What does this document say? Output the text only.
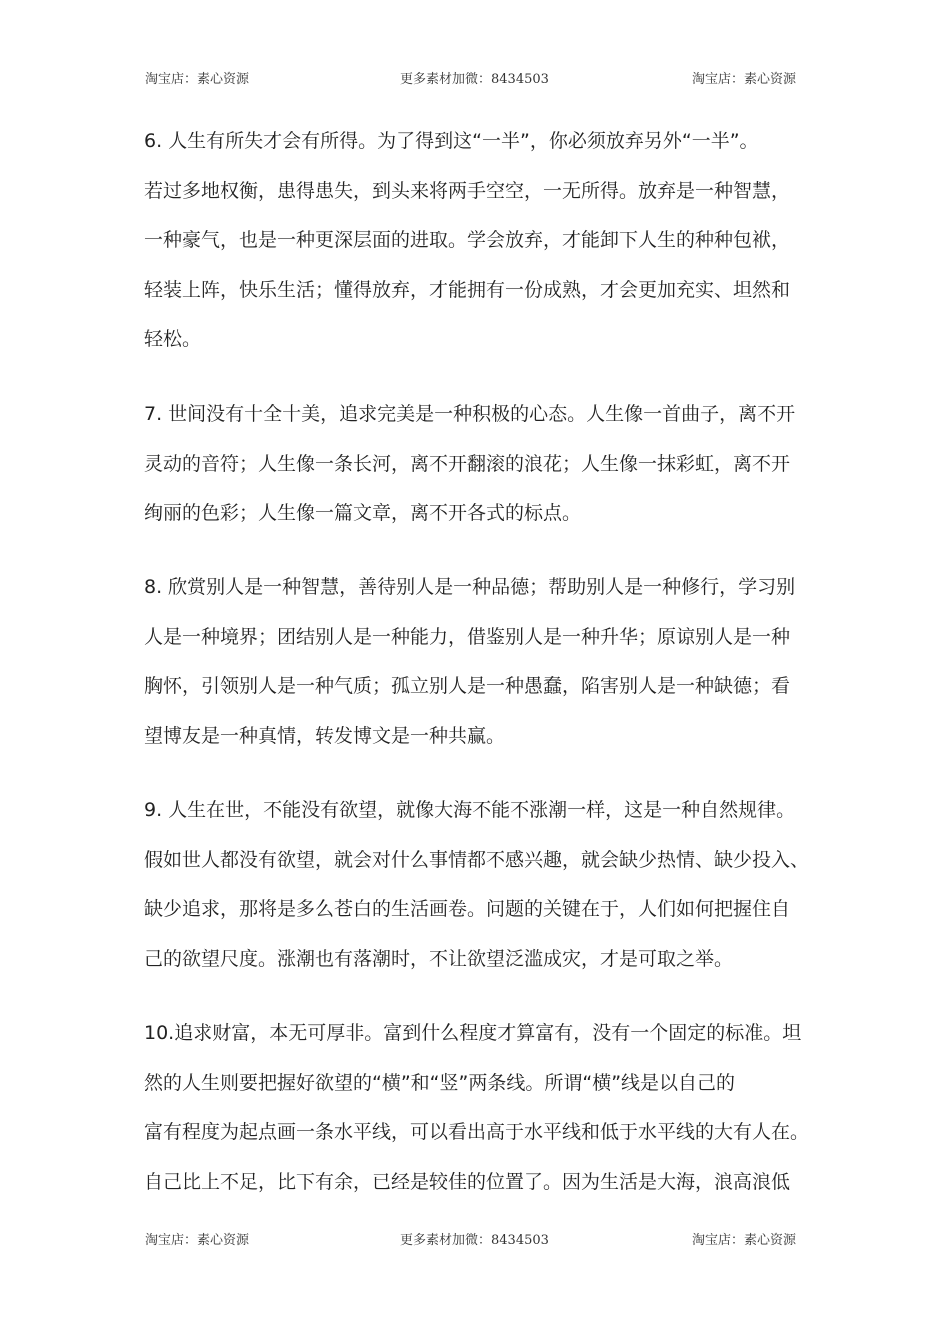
淘宝店：素心资源	更多素材加微：8434503	淘宝店：素心资源
6. 人生有所失才会有所得。为了得到这“一半”，你必须放弃另外“一半”。
若过多地权衡，患得患失，到头来将两手空空，一无所得。放弃是一种智慧，
一种豪气，也是一种更深层面的进取。学会放弃，才能卸下人生的种种包袱，
轻装上阵，快乐生活；懂得放弃，才能拥有一份成熟，才会更加充实、坦然和
轻松。
7. 世间没有十全十美，追求完美是一种积极的心态。人生像一首曲子，离不开
灵动的音符；人生像一条长河，离不开翻滚的浪花；人生像一抹彩虹，离不开
绚丽的色彩；人生像一篇文章，离不开各式的标点。
8. 欣赏别人是一种智慧，善待别人是一种品德；帮助别人是一种修行，学习别
人是一种境界；团结别人是一种能力，借鉴别人是一种升华；原谅别人是一种
胸怀，引领别人是一种气质；孤立别人是一种愚蠢，陷害别人是一种缺德；看
望博友是一种真情，转发博文是一种共赢。
9. 人生在世，不能没有欲望，就像大海不能不涨潮一样，这是一种自然规律。
假如世人都没有欲望，就会对什么事情都不感兴趣，就会缺少热情、缺少投入、
缺少追求，那将是多么苍白的生活画卷。问题的关键在于，人们如何把握住自
己的欲望尺度。涨潮也有落潮时，不让欲望泛滥成灾，才是可取之举。
10.追求财富，本无可厚非。富到什么程度才算富有，没有一个固定的标准。坦
然的人生则要把握好欲望的“横”和“竖”两条线。所谓“横”线是以自己的
富有程度为起点画一条水平线，可以看出高于水平线和低于水平线的大有人在。
自己比上不足，比下有余，已经是较佳的位置了。因为生活是大海，浪高浪低
淘宝店：素心资源	更多素材加微：8434503	淘宝店：素心资源
